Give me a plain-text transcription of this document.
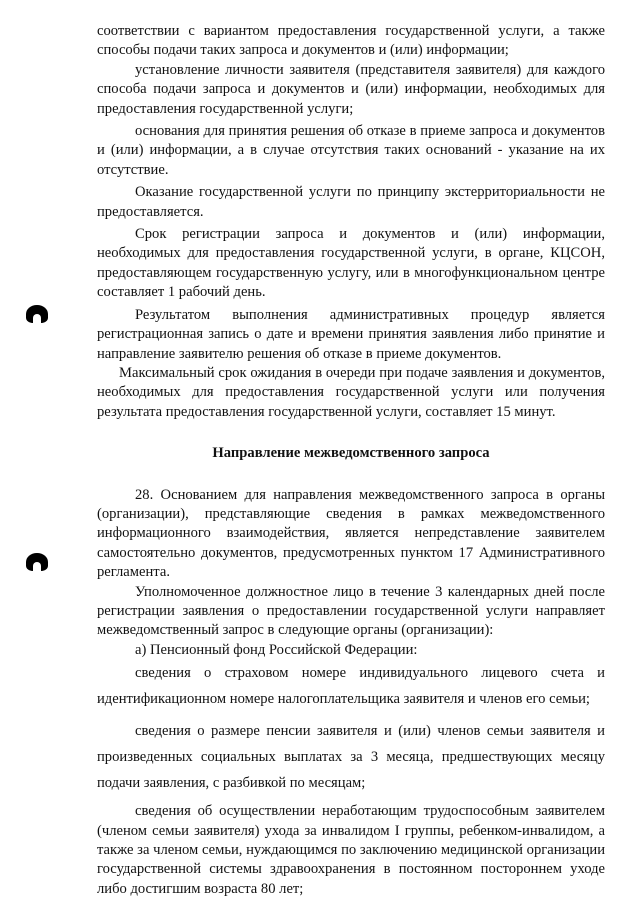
соответствии с вариантом предоставления государственной услуги, а также способы подачи таких запроса и документов и (или) информации;

установление личности заявителя (представителя заявителя) для каждого способа подачи запроса и документов и (или) информации, необходимых для предоставления государственной услуги;

основания для принятия решения об отказе в приеме запроса и документов и (или) информации, а в случае отсутствия таких оснований - указание на их отсутствие.

Оказание государственной услуги по принципу экстерриториальности не предоставляется.

Срок регистрации запроса и документов и (или) информации, необходимых для предоставления государственной услуги, в органе, КЦСОН, предоставляющем государственную услугу, или в многофункциональном центре составляет 1 рабочий день.

Результатом выполнения административных процедур является регистрационная запись о дате и времени принятия заявления либо принятие и направление заявителю решения об отказе в приеме документов.

Максимальный срок ожидания в очереди при подаче заявления и документов, необходимых для предоставления государственной услуги или получения результата предоставления государственной услуги, составляет 15 минут.

Направление межведомственного запроса

28. Основанием для направления межведомственного запроса в органы (организации), представляющие сведения в рамках межведомственного информационного взаимодействия, является непредставление заявителем самостоятельно документов, предусмотренных пунктом 17 Административного регламента.

Уполномоченное должностное лицо в течение 3 календарных дней после регистрации заявления о предоставлении государственной услуги направляет межведомственный запрос в следующие органы (организации):

а) Пенсионный фонд Российской Федерации:

сведения о страховом номере индивидуального лицевого счета и идентификационном номере налогоплательщика заявителя и членов его семьи;

сведения о размере пенсии заявителя и (или) членов семьи заявителя и произведенных социальных выплатах за 3 месяца, предшествующих месяцу подачи заявления, с разбивкой по месяцам;

сведения об осуществлении неработающим трудоспособным заявителем (членом семьи заявителя) ухода за инвалидом I группы, ребенком-инвалидом, а также за членом семьи, нуждающимся по заключению медицинской организации государственной системы здравоохранения в постоянном постороннем уходе либо достигшим возраста 80 лет;
